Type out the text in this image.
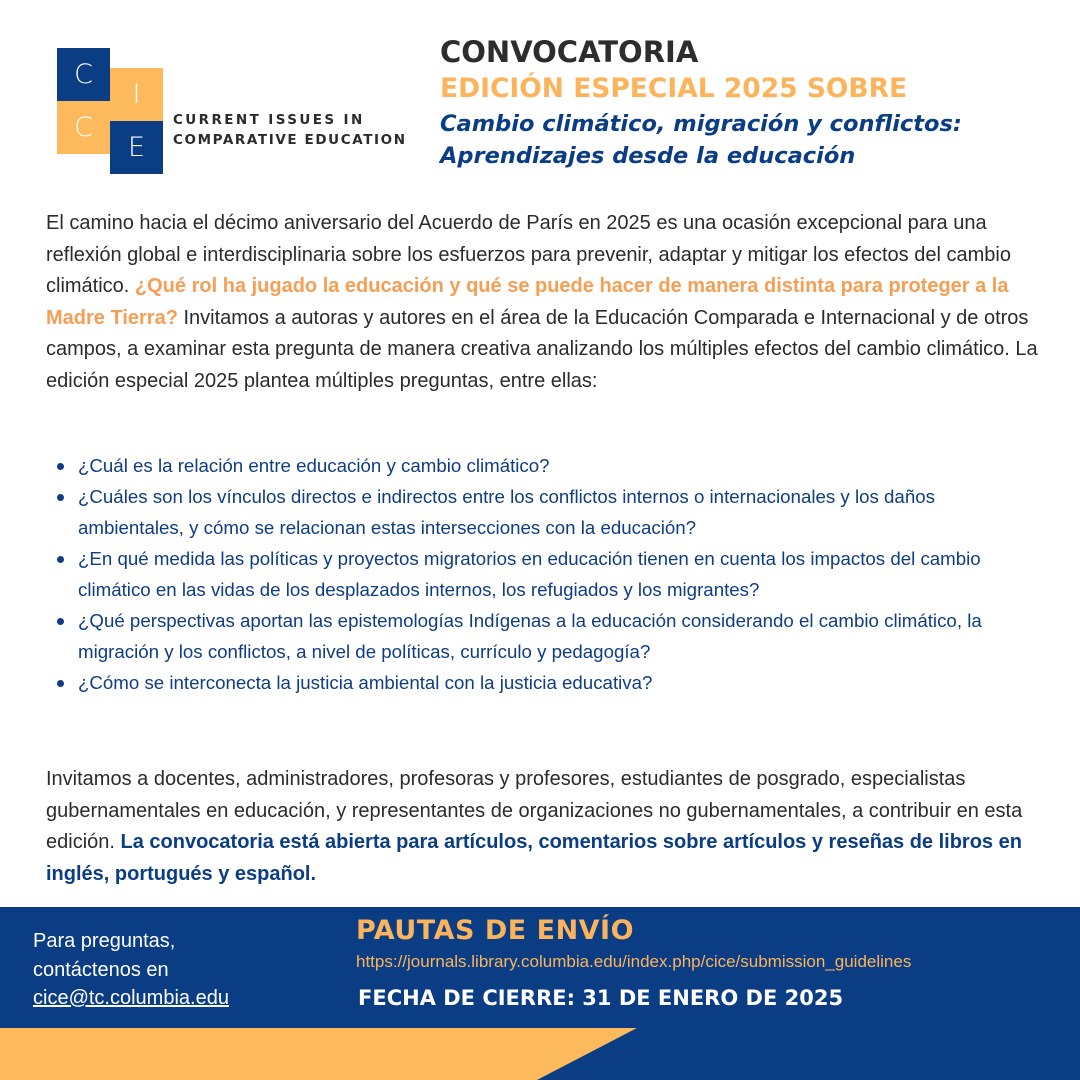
C
C
I
E
CURRENT ISSUES IN
COMPARATIVE EDUCATION
CONVOCATORIA
EDICIÓN ESPECIAL 2025 SOBRE
Cambio climático, migración y conflictos:
Aprendizajes desde la educación
El camino hacia el décimo aniversario del Acuerdo de París en 2025 es una ocasión excepcional para una reflexión global e interdisciplinaria sobre los esfuerzos para prevenir, adaptar y mitigar los efectos del cambio climático. ¿Qué rol ha jugado la educación y qué se puede hacer de manera distinta para proteger a la Madre Tierra? Invitamos a autoras y autores en el área de la Educación Comparada e Internacional y de otros campos, a examinar esta pregunta de manera creativa analizando los múltiples efectos del cambio climático. La edición especial 2025 plantea múltiples preguntas, entre ellas:
¿Cuál es la relación entre educación y cambio climático?
¿Cuáles son los vínculos directos e indirectos entre los conflictos internos o internacionales y los daños ambientales, y cómo se relacionan estas intersecciones con la educación?
¿En qué medida las políticas y proyectos migratorios en educación tienen en cuenta los impactos del cambio climático en las vidas de los desplazados internos, los refugiados y los migrantes?
¿Qué perspectivas aportan las epistemologías Indígenas a la educación considerando el cambio climático, la migración y los conflictos, a nivel de políticas, currículo y pedagogía?
¿Cómo se interconecta la justicia ambiental con la justicia educativa?
Invitamos a docentes, administradores, profesoras y profesores, estudiantes de posgrado, especialistas gubernamentales en educación, y representantes de organizaciones no gubernamentales, a contribuir en esta edición. La convocatoria está abierta para artículos, comentarios sobre artículos y reseñas de libros en inglés, portugués y español.
Para preguntas,
contáctenos en
cice@tc.columbia.edu
PAUTAS DE ENVÍO
https://journals.library.columbia.edu/index.php/cice/submission_guidelines
FECHA DE CIERRE: 31 DE ENERO DE 2025
